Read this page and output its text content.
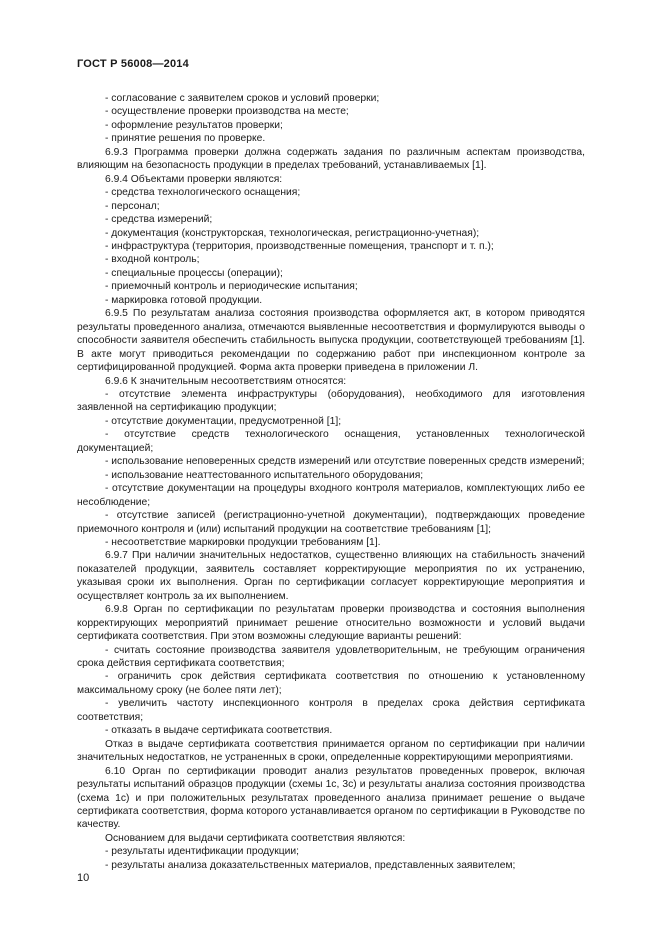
ГОСТ Р 56008—2014

- согласование с заявителем сроков и условий проверки;

- осуществление проверки производства на месте;

- оформление результатов проверки;

- принятие решения по проверке.

6.9.3 Программа проверки должна содержать задания по различным аспектам производства, влияющим на безопасность продукции в пределах требований, устанавливаемых [1].

6.9.4 Объектами проверки являются:

- средства технологического оснащения;

- персонал;

- средства измерений;

- документация (конструкторская, технологическая, регистрационно-учетная);

- инфраструктура (территория, производственные помещения, транспорт и т. п.);

- входной контроль;

- специальные процессы (операции);

- приемочный контроль и периодические испытания;

- маркировка готовой продукции.

6.9.5 По результатам анализа состояния производства оформляется акт, в котором приводятся результаты проведенного анализа, отмечаются выявленные несоответствия и формулируются выводы о способности заявителя обеспечить стабильность выпуска продукции, соответствующей требованиям [1]. В акте могут приводиться рекомендации по содержанию работ при инспекционном контроле за сертифицированной продукцией. Форма акта проверки приведена в приложении Л.

6.9.6 К значительным несоответствиям относятся:

- отсутствие элемента инфраструктуры (оборудования), необходимого для изготовления заявленной на сертификацию продукции;

- отсутствие документации, предусмотренной [1];

- отсутствие средств технологического оснащения, установленных технологической документацией;

- использование неповеренных средств измерений или отсутствие поверенных средств измерений;

- использование неаттестованного испытательного оборудования;

- отсутствие документации на процедуры входного контроля материалов, комплектующих либо ее несоблюдение;

- отсутствие записей (регистрационно-учетной документации), подтверждающих проведение приемочного контроля и (или) испытаний продукции на соответствие требованиям [1];

- несоответствие маркировки продукции требованиям [1].

6.9.7 При наличии значительных недостатков, существенно влияющих на стабильность значений показателей продукции, заявитель составляет корректирующие мероприятия по их устранению, указывая сроки их выполнения. Орган по сертификации согласует корректирующие мероприятия и осуществляет контроль за их выполнением.

6.9.8 Орган по сертификации по результатам проверки производства и состояния выполнения корректирующих мероприятий принимает решение относительно возможности и условий выдачи сертификата соответствия. При этом возможны следующие варианты решений:

- считать состояние производства заявителя удовлетворительным, не требующим ограничения срока действия сертификата соответствия;

- ограничить срок действия сертификата соответствия по отношению к установленному максимальному сроку (не более пяти лет);

- увеличить частоту инспекционного контроля в пределах срока действия сертификата соответствия;

- отказать в выдаче сертификата соответствия.

Отказ в выдаче сертификата соответствия принимается органом по сертификации при наличии значительных недостатков, не устраненных в сроки, определенные корректирующими мероприятиями.

6.10 Орган по сертификации проводит анализ результатов проведенных проверок, включая результаты испытаний образцов продукции (схемы 1с, 3с) и результаты анализа состояния производства (схема 1с) и при положительных результатах проведенного анализа принимает решение о выдаче сертификата соответствия, форма которого устанавливается органом по сертификации в Руководстве по качеству.

Основанием для выдачи сертификата соответствия являются:

- результаты идентификации продукции;

- результаты анализа доказательственных материалов, представленных заявителем;

10
